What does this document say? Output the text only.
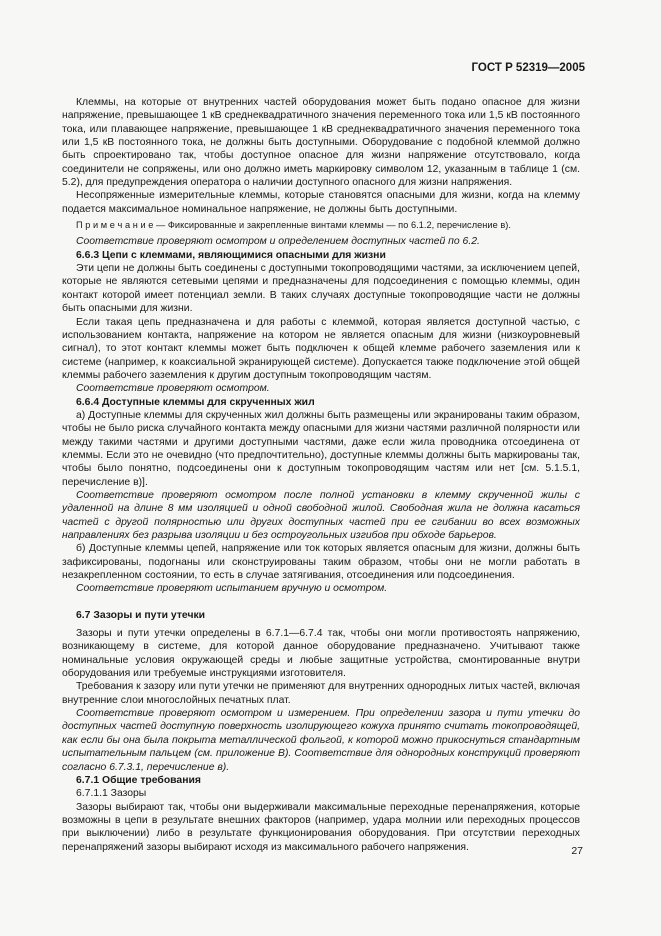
ГОСТ Р 52319—2005

Клеммы, на которые от внутренних частей оборудования может быть подано опасное для жизни напряжение, превышающее 1 кВ среднеквадратичного значения переменного тока или 1,5 кВ постоянного тока, или плавающее напряжение, превышающее 1 кВ среднеквадратичного значения переменного тока или 1,5 кВ постоянного тока, не должны быть доступными. Оборудование с подобной клеммой должно быть спроектировано так, чтобы доступное опасное для жизни напряжение отсутствовало, когда соединители не сопряжены, или оно должно иметь маркировку символом 12, указанным в таблице 1 (см. 5.2), для предупреждения оператора о наличии доступного опасного для жизни напряжения.

Несопряженные измерительные клеммы, которые становятся опасными для жизни, когда на клемму подается максимальное номинальное напряжение, не должны быть доступными.

П р и м е ч а н и е — Фиксированные и закрепленные винтами клеммы — по 6.1.2, перечисление в).

Соответствие проверяют осмотром и определением доступных частей по 6.2.

6.6.3 Цепи с клеммами, являющимися опасными для жизни

Эти цепи не должны быть соединены с доступными токопроводящими частями, за исключением цепей, которые не являются сетевыми цепями и предназначены для подсоединения с помощью клеммы, один контакт которой имеет потенциал земли. В таких случаях доступные токопроводящие части не должны быть опасными для жизни.

Если такая цепь предназначена и для работы с клеммой, которая является доступной частью, с использованием контакта, напряжение на котором не является опасным для жизни (низкоуровневый сигнал), то этот контакт клеммы может быть подключен к общей клемме рабочего заземления или к системе (например, к коаксиальной экранирующей системе). Допускается также подключение этой общей клеммы рабочего заземления к другим доступным токопроводящим частям.

Соответствие проверяют осмотром.

6.6.4 Доступные клеммы для скрученных жил

а) Доступные клеммы для скрученных жил должны быть размещены или экранированы таким образом, чтобы не было риска случайного контакта между опасными для жизни частями различной полярности или между такими частями и другими доступными частями, даже если жила проводника отсоединена от клеммы. Если это не очевидно (что предпочтительно), доступные клеммы должны быть маркированы так, чтобы было понятно, подсоединены они к доступным токопроводящим частям или нет [см. 5.1.5.1, перечисление в)].

Соответствие проверяют осмотром после полной установки в клемму скрученной жилы с удаленной на длине 8 мм изоляцией и одной свободной жилой. Свободная жила не должна касаться частей с другой полярностью или других доступных частей при ее сгибании во всех возможных направлениях без разрыва изоляции и без остроугольных изгибов при обходе барьеров.

б) Доступные клеммы цепей, напряжение или ток которых является опасным для жизни, должны быть зафиксированы, подогнаны или сконструированы таким образом, чтобы они не могли работать в незакрепленном состоянии, то есть в случае затягивания, отсоединения или подсоединения.

Соответствие проверяют испытанием вручную и осмотром.

6.7 Зазоры и пути утечки

Зазоры и пути утечки определены в 6.7.1—6.7.4 так, чтобы они могли противостоять напряжению, возникающему в системе, для которой данное оборудование предназначено. Учитывают также номинальные условия окружающей среды и любые защитные устройства, смонтированные внутри оборудования или требуемые инструкциями изготовителя.

Требования к зазору или пути утечки не применяют для внутренних однородных литых частей, включая внутренние слои многослойных печатных плат.

Соответствие проверяют осмотром и измерением. При определении зазора и пути утечки до доступных частей доступную поверхность изолирующего кожуха принято считать токопроводящей, как если бы она была покрыта металлической фольгой, к которой можно прикоснуться стандартным испытательным пальцем (см. приложение В). Соответствие для однородных конструкций проверяют согласно 6.7.3.1, перечисление в).

6.7.1 Общие требования

6.7.1.1 Зазоры

Зазоры выбирают так, чтобы они выдерживали максимальные переходные перенапряжения, которые возможны в цепи в результате внешних факторов (например, удара молнии или переходных процессов при выключении) либо в результате функционирования оборудования. При отсутствии переходных перенапряжений зазоры выбирают исходя из максимального рабочего напряжения.	27
